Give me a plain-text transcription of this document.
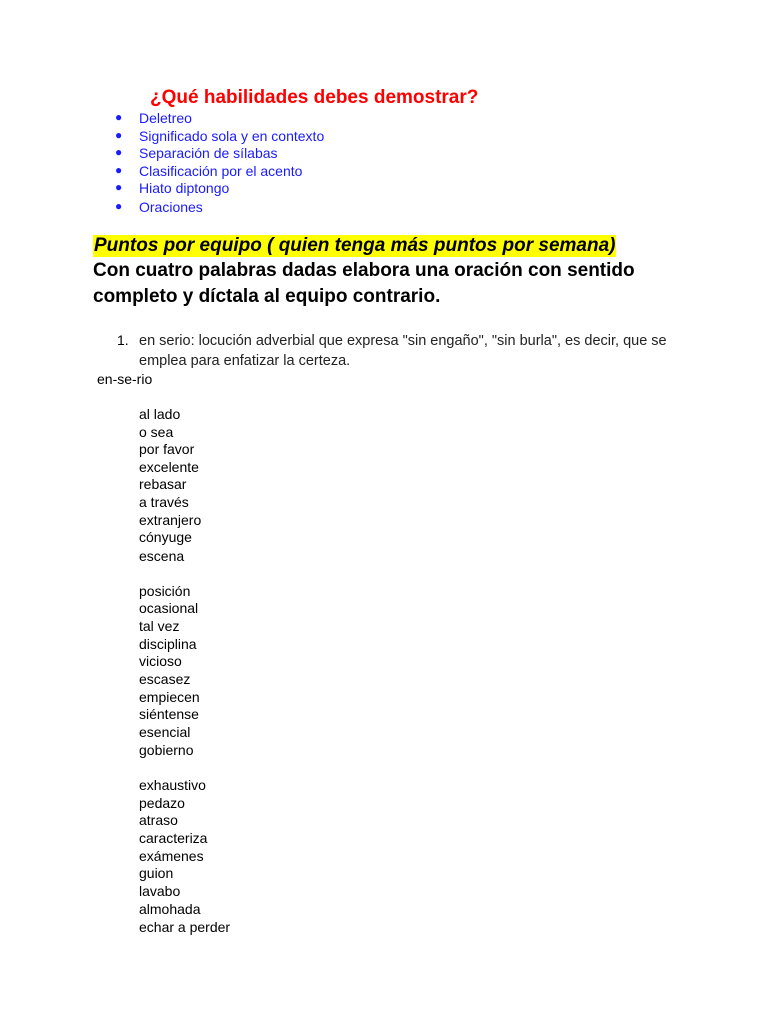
¿Qué habilidades debes demostrar?
● Deletreo
● Significado sola y en contexto
● Separación de sílabas
● Clasificación por el acento
● Hiato diptongo
● Oraciones
Puntos por equipo ( quien tenga más puntos por semana)
Con cuatro palabras dadas elabora una oración con sentido completo y díctala al equipo contrario.
1. en serio: locución adverbial que expresa "sin engaño", "sin burla", es decir, que se emplea para enfatizar la certeza.
en-se-rio
al lado
o sea
por favor
excelente
rebasar
a través
extranjero
cónyuge
escena
posición
ocasional
tal vez
disciplina
vicioso
escasez
empiecen
siéntense
esencial
gobierno
exhaustivo
pedazo
atraso
caracteriza
exámenes
guion
lavabo
almohada
echar a perder
